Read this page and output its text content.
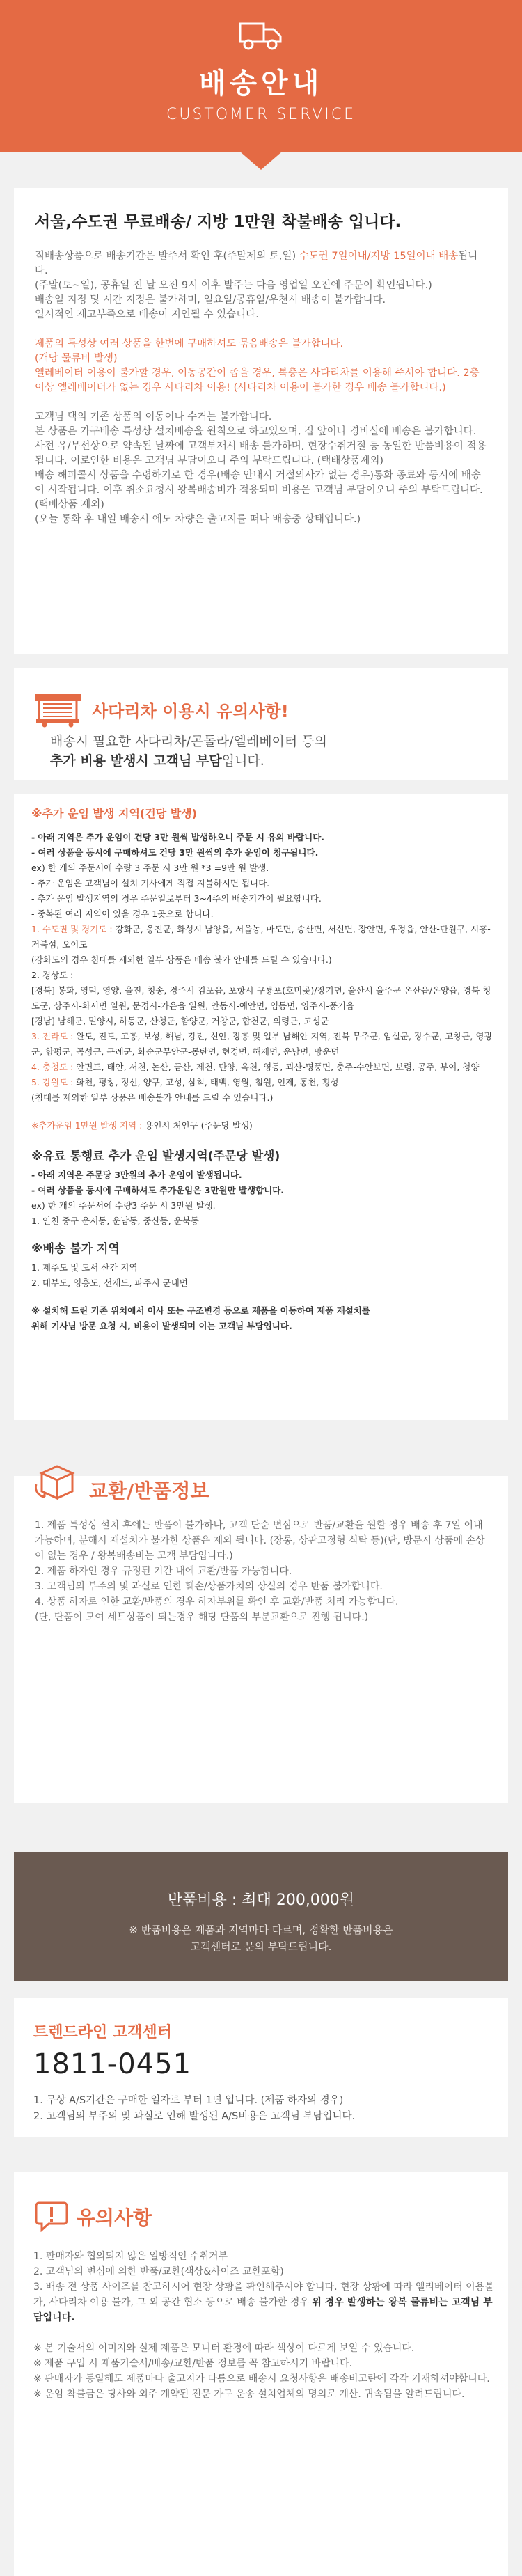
배송안내
CUSTOMER SERVICE
서울,수도권 무료배송/ 지방 1만원 착불배송 입니다.

직배송상품으로 배송기간은 발주서 확인 후(주말제외 토,일) 수도권 7일이내/지방 15일이내 배송됩니다.

(주말(토~일), 공휴일 전 날 오전 9시 이후 발주는 다음 영업일 오전에 주문이 확인됩니다.)

배송일 지정 및 시간 지정은 불가하며, 일요일/공휴일/우천시 배송이 불가합니다.

일시적인 재고부족으로 배송이 지연될 수 있습니다.

제품의 특성상 여러 상품을 한번에 구매하셔도 묶음배송은 불가합니다.

(개당 물류비 발생)

엘레베이터 이용이 불가할 경우, 이동공간이 좁을 경우, 복층은 사다리차를 이용해 주셔야 합니다. 2층이상 엘레베이터가 없는 경우 사다리차 이용! (사다리차 이용이 불가한 경우 배송 불가합니다.)

고객님 댁의 기존 상품의 이동이나 수거는 불가합니다.

본 상품은 가구배송 특성상 설치배송을 원칙으로 하고있으며, 집 앞이나 경비실에 배송은 불가합니다.

사전 유/무선상으로 약속된 날짜에 고객부재시 배송 불가하며, 현장수취거절 등 동일한 반품비용이 적용됩니다. 이로인한 비용은 고객님 부담이오니 주의 부탁드립니다. (택배상품제외)

배송 해피콜시 상품을 수령하기로 한 경우(배송 안내시 거절의사가 없는 경우)통화 종료와 동시에 배송이 시작됩니다. 이후 취소요청시 왕복배송비가 적용되며 비용은 고객님 부담이오니 주의 부탁드립니다. (택배상품 제외)

(오늘 통화 후 내일 배송시 에도 차량은 출고지를 떠나 배송중 상태입니다.)

사다리차 이용시 유의사항!

배송시 필요한 사다리차/곤돌라/엘레베이터 등의

추가 비용 발생시 고객님 부담입니다.

※추가 운임 발생 지역(건당 발생)

- 아래 지역은 추가 운임이 건당 3만 원씩 발생하오니 주문 시 유의 바랍니다.

- 여러 상품을 동시에 구매하셔도 건당 3만 원씩의 추가 운임이 청구됩니다.

ex) 한 개의 주문서에 수량 3 주문 시 3만 원 *3 =9만 원 발생.

- 추가 운임은 고객님이 설치 기사에게 직접 지불하시면 됩니다.

- 추가 운임 발생지역의 경우 주문일로부터 3~4주의 배송기간이 필요합니다.

- 중복된 여러 지역이 있을 경우 1곳으로 합니다.

1. 수도권 및 경기도 : 강화군, 옹진군, 화성시 남양읍, 서울농, 마도면, 송산면, 서신면, 장안면, 우정읍, 안산-단원구, 시흥-거북섬, 오이도

(강화도의 경우 침대를 제외한 일부 상품은 배송 불가 안내를 드릴 수 있습니다.)

2. 경상도 :

[경북] 봉화, 영덕, 영양, 울진, 청송, 경주시-감포읍, 포항시-구룡포(호미곶)/장기면, 울산시 울주군-온산읍/온양읍, 경북 청도군, 상주시-화서면 일원, 문경시-가은읍 일원, 안동시-예안면, 임동면, 영주시-풍기읍

[경남] 남해군, 밀양시, 하동군, 산청군, 함양군, 거창군, 합천군, 의령군, 고성군

3. 전라도 : 완도, 진도, 고흥, 보성, 해남, 강진, 신안, 장흥 및 일부 남해안 지역, 전북 무주군, 임실군, 장수군, 고창군, 영광군, 함평군, 곡성군, 구례군, 화순군무안군-몽탄면, 현경면, 해제면, 운남면, 망운면

4. 충청도 : 안면도, 태안, 서천, 논산, 금산, 제천, 단양, 옥천, 영동, 괴산-명풍면, 충주-수안보면, 보령, 공주, 부여, 청양

5. 강원도 : 화천, 평창, 정선, 양구, 고성, 삼척, 태백, 영월, 철원, 인제, 홍천, 횡성

(침대를 제외한 일부 상품은 배송불가 안내를 드릴 수 있습니다.)

※추가운임 1만원 발생 지역 : 용인시 처인구 (주문당 발생)

※유료 통행료 추가 운임 발생지역(주문당 발생)

- 아래 지역은 주문당 3만원의 추가 운임이 발생됩니다.

- 여러 상품을 동시에 구매하셔도 추가운임은 3만원만 발생합니다.

ex) 한 개의 주문서에 수량3 주문 시 3만원 발생.

1. 인천 중구 운서동, 운남동, 중산동, 운북동

※배송 불가 지역

1. 제주도 및 도서 산간 지역

2. 대부도, 영흥도, 선재도, 파주시 군내면

※ 설치해 드린 기존 위치에서 이사 또는 구조변경 등으로 제품을 이동하여 제품 재설치를

위해 기사님 방문 요청 시, 비용이 발생되며 이는 고객님 부담입니다.

교환/반품정보

1. 제품 특성상 설치 후에는 반품이 불가하나, 고객 단순 변심으로 반품/교환을 원할 경우 배송 후 7일 이내 가능하며, 분해시 재설치가 불가한 상품은 제외 됩니다. (장롱, 상판고정형 식탁 등)(단, 방문시 상품에 손상이 없는 경우 / 왕복배송비는 고객 부담입니다.)

2. 제품 하자인 경우 규정된 기간 내에 교환/반품 가능합니다.

3. 고객님의 부주의 및 과실로 인한 훼손/상품가치의 상실의 경우 반품 불가합니다.

4. 상품 하자로 인한 교환/반품의 경우 하자부위를 확인 후 교환/반품 처리 가능합니다.

(단, 단품이 모여 세트상품이 되는경우 해당 단품의 부분교환으로 진행 됩니다.)

반품비용 : 최대 200,000원

※ 반품비용은 제품과 지역마다 다르며, 정확한 반품비용은

고객센터로 문의 부탁드립니다.

트렌드라인 고객센터

1811-0451

1. 무상 A/S기간은 구매한 일자로 부터 1년 입니다. (제품 하자의 경우)

2. 고객님의 부주의 및 과실로 인해 발생된 A/S비용은 고객님 부담입니다.

유의사항

1. 판매자와 협의되지 않은 일방적인 수취거부

2. 고객님의 변심에 의한 반품/교환(색상&사이즈 교환포함)

3. 배송 전 상품 사이즈를 참고하시어 현장 상황을 확인해주셔야 합니다. 현장 상황에 따라 엘리베이터 이용불가, 사다리차 이용 불가, 그 외 공간 협소 등으로 배송 불가한 경우 위 경우 발생하는 왕복 물류비는 고객님 부담입니다.

※ 본 기술서의 이미지와 실제 제품은 모니터 환경에 따라 색상이 다르게 보일 수 있습니다.

※ 제품 구입 시 제품기술서/배송/교환/반품 정보를 꼭 참고하시기 바랍니다.

※ 판매자가 동일해도 제품마다 출고지가 다름으로 배송시 요청사항은 배송비고란에 각각 기재하셔야합니다.

※ 운임 착불금은 당사와 외주 계약된 전문 가구 운송 설치업체의 명의로 계산. 귀속됨을 알려드립니다.
